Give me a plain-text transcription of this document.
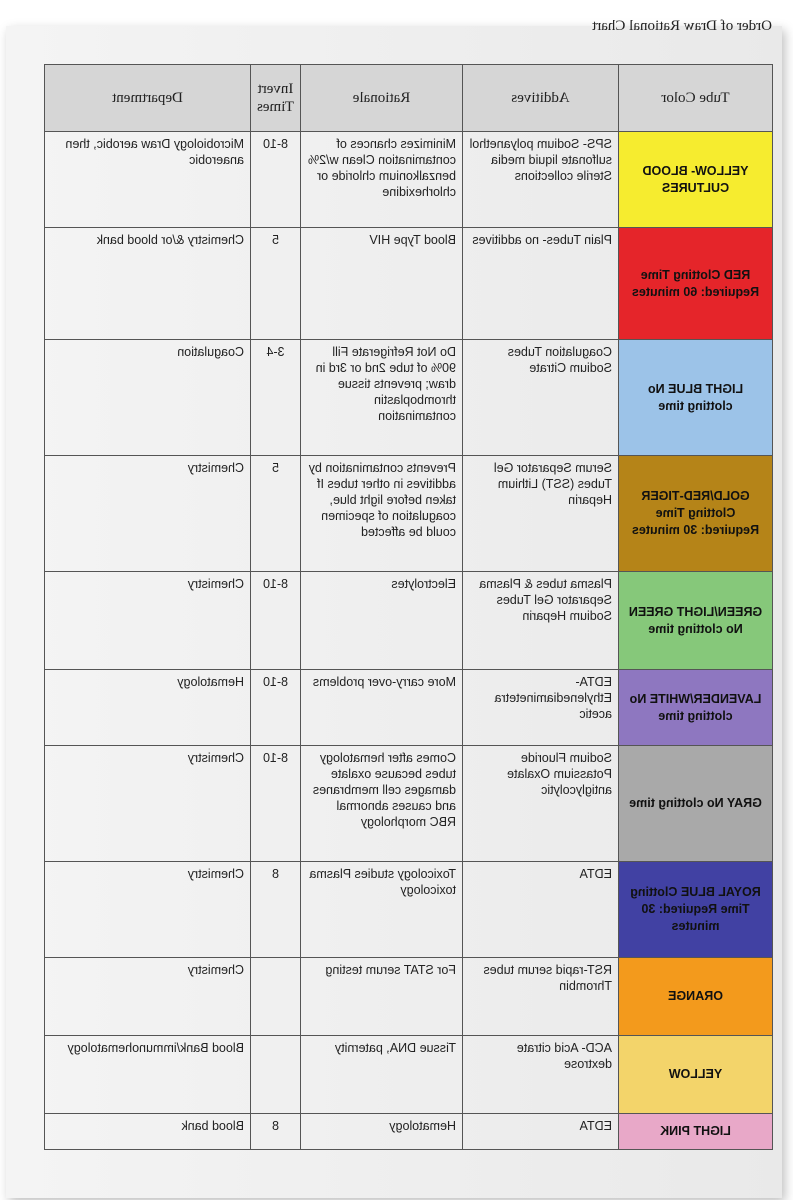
Order of Draw Rational Chart
Tube Color	Additives	Rationale	Invert Times	Department
YELLOW- BLOOD CULTURES	SPS- Sodium polyanethol sulfonate liquid media Sterile collections	Minimizes chances of contamination Clean w/2% benzalkonium chloride or chlorhexidine	8-10	Microbiology Draw aerobic, then anaerobic
RED Clotting Time Required: 60 minutes	Plain Tubes- no additives	Blood Type HIV	5	Chemistry &/or blood bank
LIGHT BLUE No clotting time	Coagulation Tubes Sodium Citrate	Do Not Refrigerate Fill 90% of tube 2nd or 3rd in draw; prevents tissue thromboplastin contamination	3-4	Coagulation
GOLD/RED-TIGER Clotting Time Required: 30 minutes	Serum Separator Gel Tubes (SST) Lithium Heparin	Prevents contamination by additives in other tubes If taken before light blue, coagulation of specimen could be affected	5	Chemistry
GREEN/LIGHT GREEN No clotting time	Plasma tubes & Plasma Separator Gel Tubes Sodium Heparin	Electrolytes	8-10	Chemistry
LAVENDER/WHITE No clotting time	EDTA- Ethylenediaminetetra acetic	More carry-over problems	8-10	Hematology
GRAY No clotting time	Sodium Fluoride Potassium Oxalate antiglycolytic	Comes after hematology tubes because oxalate damages cell membranes and causes abnormal RBC morphology	8-10	Chemistry
ROYAL BLUE Clotting Time Required: 30 minutes	EDTA	Toxicology studies Plasma toxicology	8	Chemistry
ORANGE	RST-rapid serum tubes Thrombin	For STAT serum testing		Chemistry
YELLOW	ACD- Acid citrate dextrose	Tissue DNA, paternity		Blood Bank/immunohematology
LIGHT PINK	EDTA	Hematology	8	Blood bank
